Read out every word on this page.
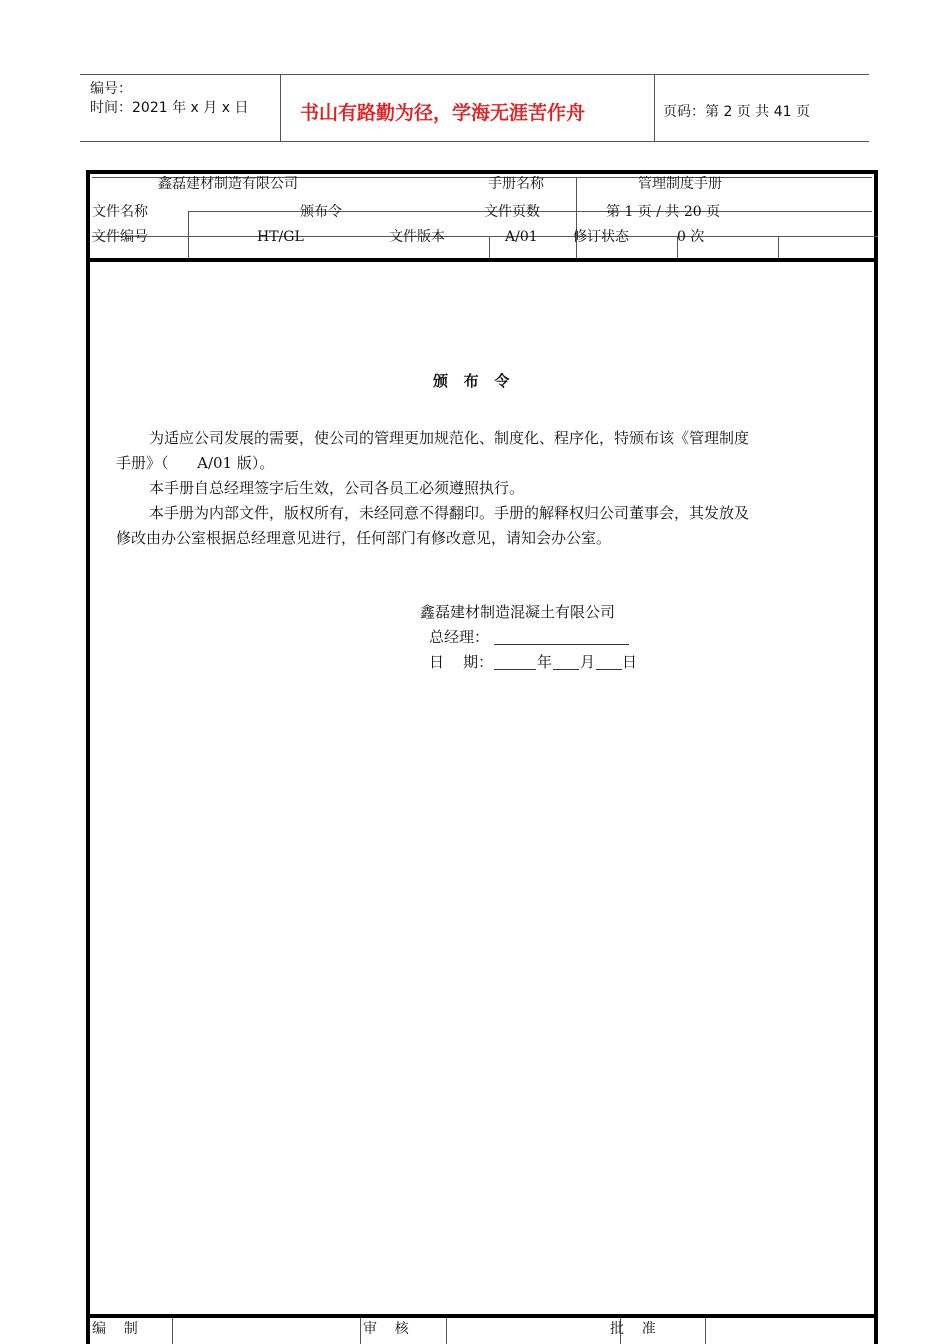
编号：
时间：2021 年 x 月 x 日	书山有路勤为径，学海无涯苦作舟	页码：第 2 页 共 41 页
鑫磊建材制造有限公司	手册名称	管理制度手册
文件名称	颁布令	文件页数	第 1 页 / 共 20 页
文件编号	HT/GL	文件版本	A/01	修订状态	0 次
颁   布   令
为适应公司发展的需要，使公司的管理更加规范化、制度化、程序化，特颁布该《管理制度
手册》（      A/01 版）。
本手册自总经理签字后生效，公司各员工必须遵照执行。
本手册为内部文件，版权所有，未经同意不得翻印。手册的解释权归公司董事会，其发放及
修改由办公室根据总经理意见进行，任何部门有修改意见，请知会办公室。
鑫磊建材制造混凝土有限公司
总经理：
日    期：	年 月 日
编    制	审    核	批    准
